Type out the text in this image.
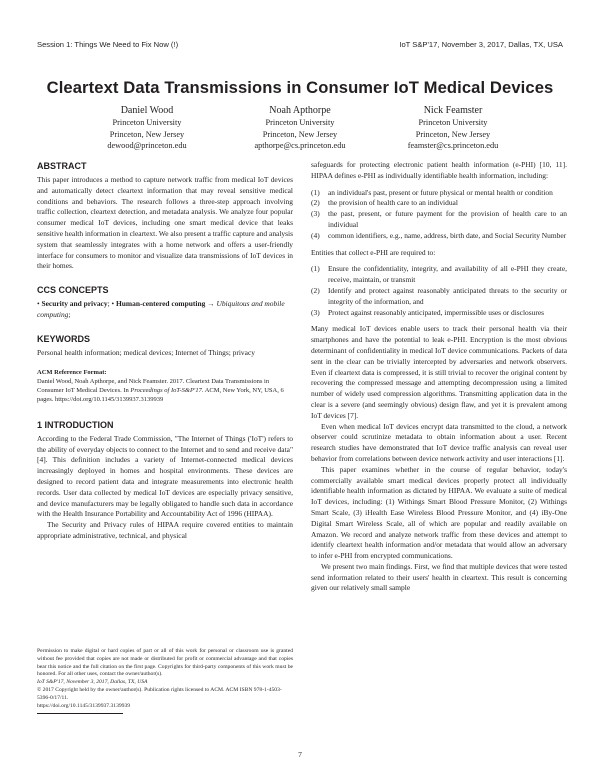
Session 1: Things We Need to Fix Now (!)	IoT S&P'17, November 3, 2017, Dallas, TX, USA
Cleartext Data Transmissions in Consumer IoT Medical Devices
Daniel Wood
Princeton University
Princeton, New Jersey
dewood@princeton.edu
Noah Apthorpe
Princeton University
Princeton, New Jersey
apthorpe@cs.princeton.edu
Nick Feamster
Princeton University
Princeton, New Jersey
feamster@cs.princeton.edu
ABSTRACT
This paper introduces a method to capture network traffic from medical IoT devices and automatically detect cleartext information that may reveal sensitive medical conditions and behaviors. The research follows a three-step approach involving traffic collection, cleartext detection, and metadata analysis. We analyze four popular consumer medical IoT devices, including one smart medical device that leaks sensitive health information in cleartext. We also present a traffic capture and analysis system that seamlessly integrates with a home network and offers a user-friendly interface for consumers to monitor and visualize data transmissions of IoT devices in their homes.
CCS CONCEPTS
• Security and privacy; • Human-centered computing → Ubiquitous and mobile computing;
KEYWORDS
Personal health information; medical devices; Internet of Things; privacy
ACM Reference Format:
Daniel Wood, Noah Apthorpe, and Nick Feamster. 2017. Cleartext Data Transmissions in Consumer IoT Medical Devices. In Proceedings of IoT-S&P'17. ACM, New York, NY, USA, 6 pages. https://doi.org/10.1145/3139937.3139939
1 INTRODUCTION
According to the Federal Trade Commission, "The Internet of Things ('IoT') refers to the ability of everyday objects to connect to the Internet and to send and receive data" [4]. This definition includes a variety of Internet-connected medical devices increasingly deployed in homes and hospital environments. These devices are designed to record patient data and integrate measurements into electronic health records. User data collected by medical IoT devices are especially privacy sensitive, and device manufacturers may be legally obligated to handle such data in accordance with the Health Insurance Portability and Accountability Act of 1996 (HIPAA).
The Security and Privacy rules of HIPAA require covered entities to maintain appropriate administrative, technical, and physical
Permission to make digital or hard copies of part or all of this work for personal or classroom use is granted without fee provided that copies are not made or distributed for profit or commercial advantage and that copies bear this notice and the full citation on the first page. Copyrights for third-party components of this work must be honored. For all other uses, contact the owner/author(s).
IoT S&P'17, November 3, 2017, Dallas, TX, USA
© 2017 Copyright held by the owner/author(s). Publication rights licensed to ACM. ACM ISBN 978-1-4503-5396-0/17/11.
https://doi.org/10.1145/3139937.3139939
safeguards for protecting electronic patient health information (e-PHI) [10, 11]. HIPAA defines e-PHI as individually identifiable health information, including:
(1) an individual's past, present or future physical or mental health or condition
(2) the provision of health care to an individual
(3) the past, present, or future payment for the provision of health care to an individual
(4) common identifiers, e.g., name, address, birth date, and Social Security Number
Entities that collect e-PHI are required to:
(1) Ensure the confidentiality, integrity, and availability of all e-PHI they create, receive, maintain, or transmit
(2) Identify and protect against reasonably anticipated threats to the security or integrity of the information, and
(3) Protect against reasonably anticipated, impermissible uses or disclosures
Many medical IoT devices enable users to track their personal health via their smartphones and have the potential to leak e-PHI. Encryption is the most obvious determinant of confidentiality in medical IoT device communications. Packets of data sent in the clear can be trivially intercepted by adversaries and network observers. Even if cleartext data is compressed, it is still trivial to recover the original content by recovering the compressed message and attempting decompression using a limited number of widely used compression algorithms. Transmitting application data in the clear is a severe (and seemingly obvious) design flaw, and yet it is prevalent among IoT devices [7].
Even when medical IoT devices encrypt data transmitted to the cloud, a network observer could scrutinize metadata to obtain information about a user. Recent research studies have demonstrated that IoT device traffic analysis can reveal user behavior from correlations between device network activity and user interactions [1].
This paper examines whether in the course of regular behavior, today's commercially available smart medical devices properly protect all individually identifiable health information as dictated by HIPAA. We evaluate a suite of medical IoT devices, including: (1) Withings Smart Blood Pressure Monitor, (2) Withings Smart Scale, (3) iHealth Ease Wireless Blood Pressure Monitor, and (4) iBy-One Digital Smart Wireless Scale, all of which are popular and readily available on Amazon. We record and analyze network traffic from these devices and attempt to identify cleartext health information and/or metadata that would allow an adversary to infer e-PHI from encrypted communications.
We present two main findings. First, we find that multiple devices that were tested send information related to their users' health in cleartext. This result is concerning given our relatively small sample
7
